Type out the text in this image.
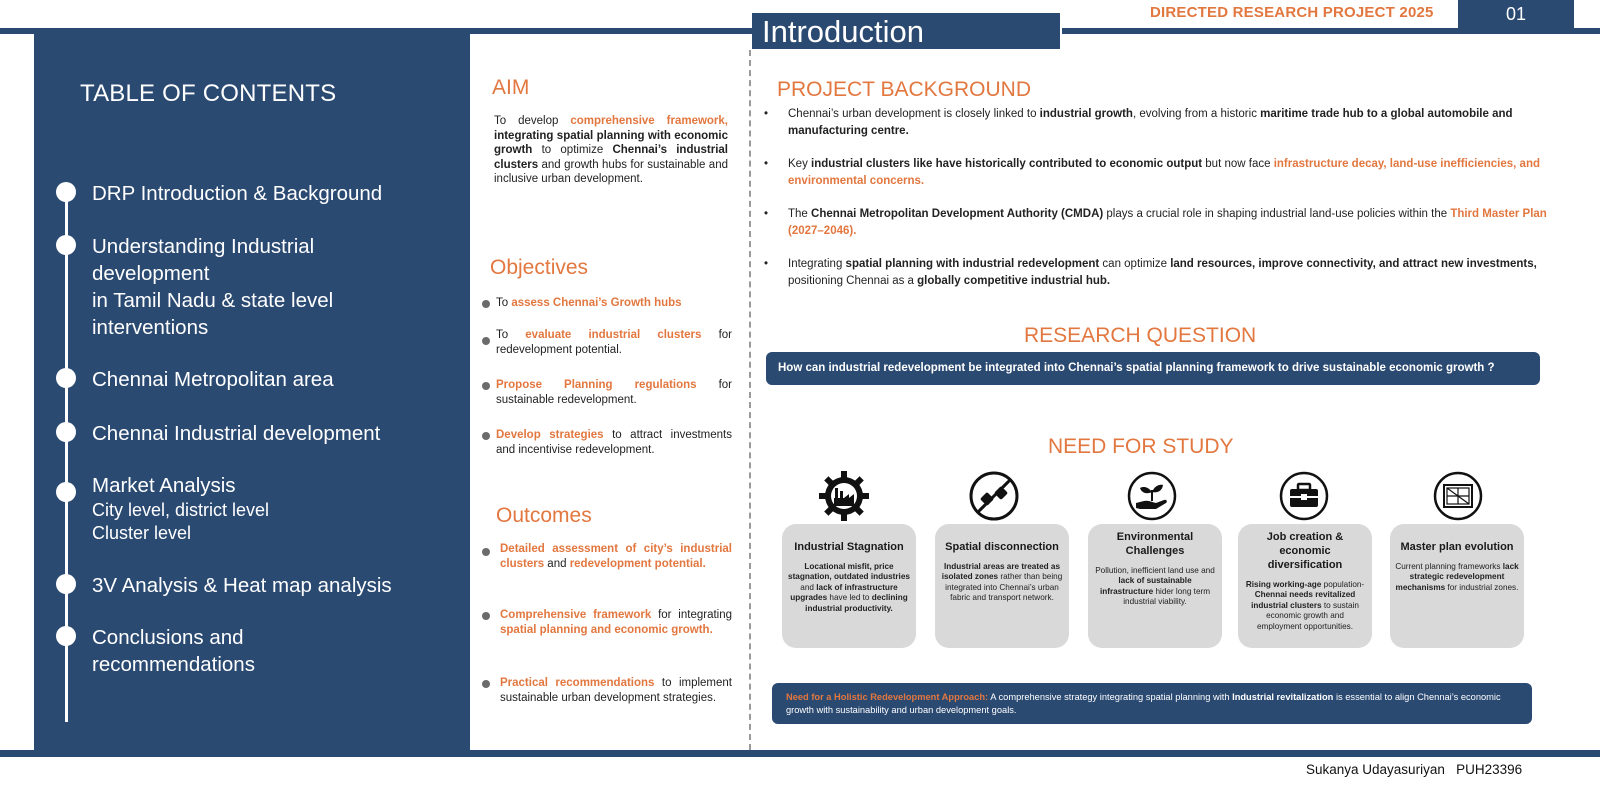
Introduction
DIRECTED RESEARCH PROJECT 2025	01
TABLE OF CONTENTS
DRP Introduction & Background
Understanding Industrial
development
in Tamil Nadu & state level
interventions
Chennai Metropolitan area
Chennai Industrial development
Market Analysis
City level, district level
Cluster level
3V Analysis & Heat map analysis
Conclusions and
recommendations
AIM
To develop comprehensive framework, integrating spatial planning with economic growth to optimize Chennai’s industrial clusters and growth hubs for sustainable and inclusive urban development.
Objectives
To assess Chennai’s Growth hubs
To evaluate industrial clusters for redevelopment potential.
Propose Planning regulations for sustainable redevelopment.
Develop strategies to attract investments and incentivise redevelopment.
Outcomes
Detailed assessment of city’s industrial clusters and redevelopment potential.
Comprehensive framework for integrating spatial planning and economic growth.
Practical recommendations to implement sustainable urban development strategies.
PROJECT BACKGROUND
• Chennai’s urban development is closely linked to industrial growth, evolving from a historic maritime trade hub to a global automobile and manufacturing centre.
• Key industrial clusters like have historically contributed to economic output but now face infrastructure decay, land-use inefficiencies, and environmental concerns.
• The Chennai Metropolitan Development Authority (CMDA) plays a crucial role in shaping industrial land-use policies within the Third Master Plan (2027–2046).
• Integrating spatial planning with industrial redevelopment can optimize land resources, improve connectivity, and attract new investments, positioning Chennai as a globally competitive industrial hub.
RESEARCH QUESTION
How can industrial redevelopment be integrated into Chennai’s spatial planning framework to drive sustainable economic growth ?
NEED FOR STUDY
Industrial Stagnation
Locational misfit, price stagnation, outdated industries and lack of infrastructure upgrades have led to declining industrial productivity.
Spatial disconnection
Industrial areas are treated as isolated zones rather than being integrated into Chennai’s urban fabric and transport network.
Environmental Challenges
Pollution, inefficient land use and lack of sustainable infrastructure hider long term industrial viability.
Job creation & economic diversification
Rising working-age population- Chennai needs revitalized industrial clusters to sustain economic growth and employment opportunities.
Master plan evolution
Current planning frameworks lack strategic redevelopment mechanisms for industrial zones.
Need for a Holistic Redevelopment Approach: A comprehensive strategy integrating spatial planning with Industrial revitalization is essential to align Chennai’s economic growth with sustainability and urban development goals.
Sukanya Udayasuriyan   PUH23396
